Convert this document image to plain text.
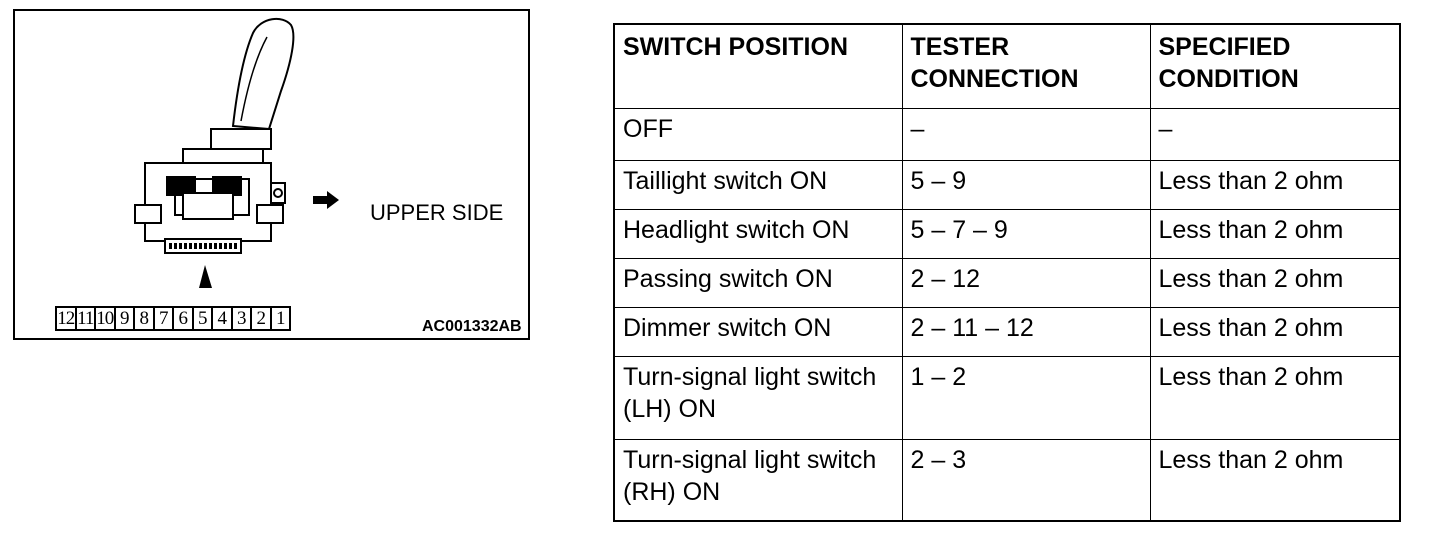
UPPER SIDE
12 11 10 9 8 7 6 5 4 3 2 1	AC001332AB
SWITCH POSITION	TESTER CONNECTION	SPECIFIED CONDITION
OFF	–	–
Taillight switch ON	5 – 9	Less than 2 ohm
Headlight switch ON	5 – 7 – 9	Less than 2 ohm
Passing switch ON	2 – 12	Less than 2 ohm
Dimmer switch ON	2 – 11 – 12	Less than 2 ohm
Turn-signal light switch (LH) ON	1 – 2	Less than 2 ohm
Turn-signal light switch (RH) ON	2 – 3	Less than 2 ohm
